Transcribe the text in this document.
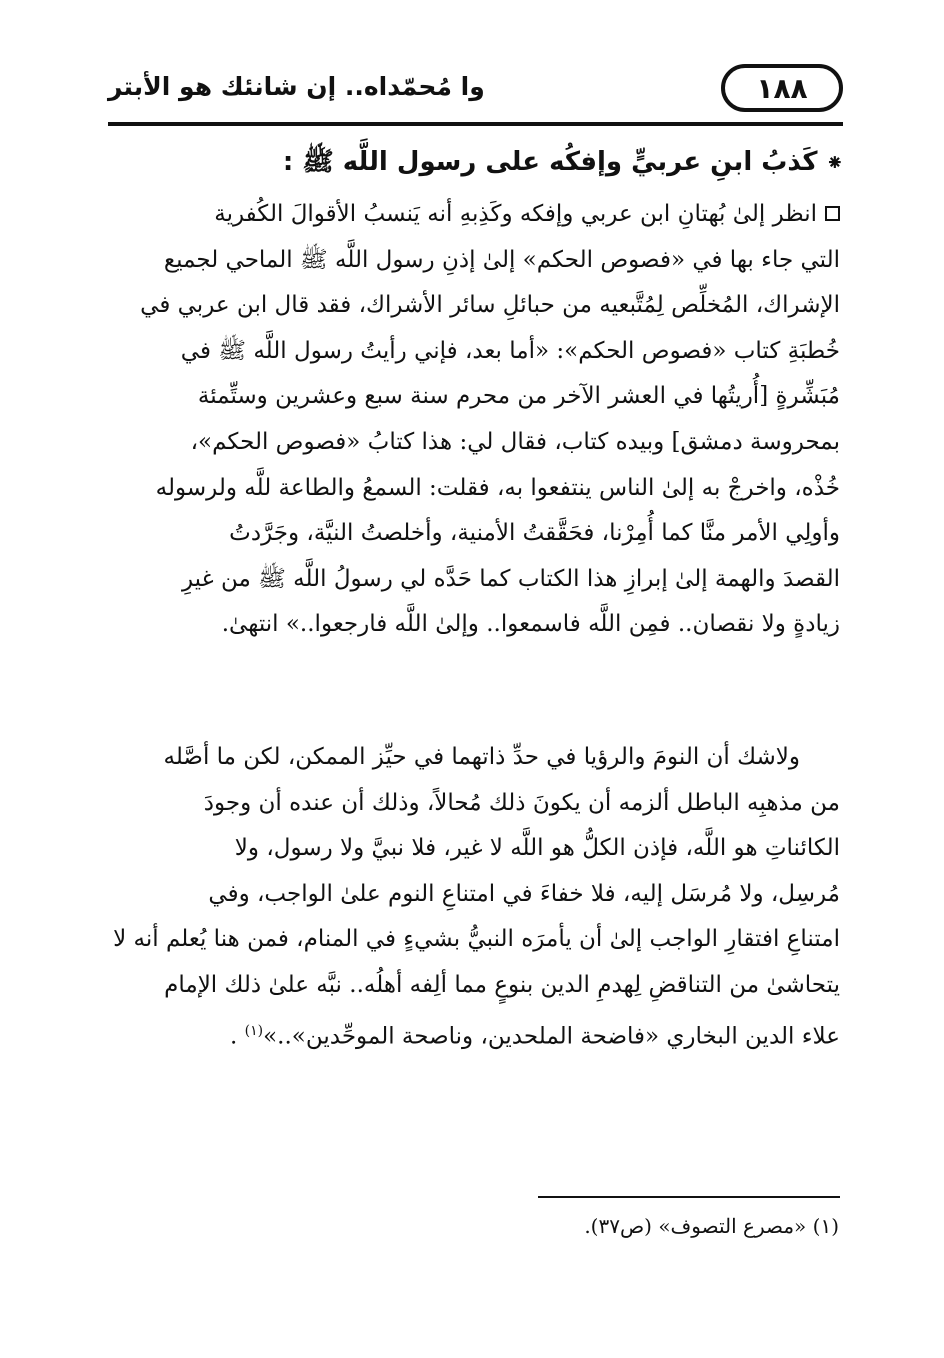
وا مُحمّداه.. إن شانئك هو الأبتر	١٨٨
⁕كَذبُ ابنِ عربيٍّ وإفكُه على رسول اللَّه ﷺ :

انظر إلىٰ بُهتانِ ابن عربي وإفكه وكَذِبهِ أنه يَنسبُ الأقوالَ الكُفرية

التي جاء بها في «فصوص الحكم» إلىٰ إذنِ رسول اللَّه ﷺ الماحي لجميع

الإشراك، المُخلِّص لِمُتَّبعيه من حبائلِ سائر الأشراك، فقد قال ابن عربي في

خُطبَةِ كتاب «فصوص الحكم»: «أما بعد، فإني رأيتُ رسول اللَّه ﷺ في

مُبَشِّرةٍ [أُريتُها في العشر الآخر من محرم سنة سبع وعشرين وستِّمئة

بمحروسة دمشق] وبيده كتاب، فقال لي: هذا كتابُ «فصوص الحكم»،

خُذْه، واخرجْ به إلىٰ الناس ينتفعوا به، فقلت: السمعُ والطاعة للَّه ولرسوله

وأولِي الأمر منَّا كما أُمِرْنا، فحَقَّقتُ الأمنية، وأخلصتُ النيَّة، وجَرَّدتُ

القصدَ والهمة إلىٰ إبرازِ هذا الكتاب كما حَدَّه لي رسولُ اللَّه ﷺ من غيرِ

زيادةٍ ولا نقصان.. فمِن اللَّه فاسمعوا.. وإلىٰ اللَّه فارجعوا..» انتهىٰ.

ولاشك أن النومَ والرؤيا في حدِّ ذاتهما في حيِّز الممكن، لكن ما أصَّله

من مذهبِه الباطل ألزمه أن يكونَ ذلك مُحالاً، وذلك أن عنده أن وجودَ

الكائناتِ هو اللَّه، فإذن الكلُّ هو اللَّه لا غير، فلا نبيَّ ولا رسول، ولا

مُرسِل، ولا مُرسَل إليه، فلا خفاءَ في امتناعِ النوم علىٰ الواجب، وفي

امتناعِ افتقارِ الواجب إلىٰ أن يأمرَه النبيُّ بشيءٍ في المنام، فمن هنا يُعلم أنه لا

يتحاشىٰ من التناقضِ لِهدمِ الدين بنوعٍ مما ألِفه أهلُه.. نبَّه علىٰ ذلك الإمام

علاء الدين البخاري «فاضحة الملحدين، وناصحة الموحِّدين»..»$^{(١)}$ .

(١) «مصرع التصوف» (ص٣٧).
